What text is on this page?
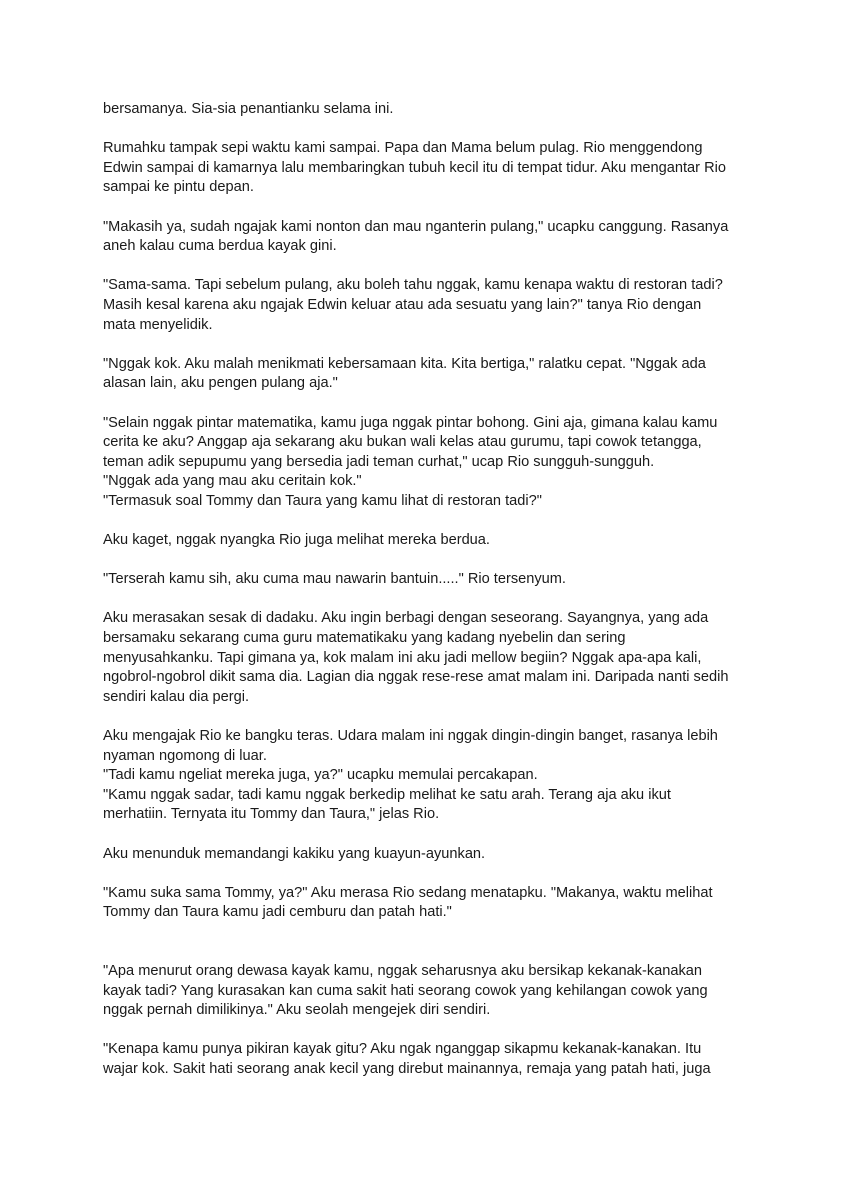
bersamanya. Sia-sia penantianku selama ini.

Rumahku tampak sepi waktu kami sampai. Papa dan Mama belum pulag. Rio menggendong
Edwin sampai di kamarnya lalu membaringkan tubuh kecil itu di tempat tidur. Aku mengantar Rio
sampai ke pintu depan.

"Makasih ya, sudah ngajak kami nonton dan mau nganterin pulang," ucapku canggung. Rasanya
aneh kalau cuma berdua kayak gini.

"Sama-sama. Tapi sebelum pulang, aku boleh tahu nggak, kamu kenapa waktu di restoran tadi?
Masih kesal karena aku ngajak Edwin keluar atau ada sesuatu yang lain?" tanya Rio dengan
mata menyelidik.

"Nggak kok. Aku malah menikmati kebersamaan kita. Kita bertiga," ralatku cepat. "Nggak ada
alasan lain, aku pengen pulang aja."

"Selain nggak pintar matematika, kamu juga nggak pintar bohong. Gini aja, gimana kalau kamu
cerita ke aku? Anggap aja sekarang aku bukan wali kelas atau gurumu, tapi cowok tetangga,
teman adik sepupumu yang bersedia jadi teman curhat," ucap Rio sungguh-sungguh.
"Nggak ada yang mau aku ceritain kok."
"Termasuk soal Tommy dan Taura yang kamu lihat di restoran tadi?"

Aku kaget, nggak nyangka Rio juga melihat mereka berdua.

"Terserah kamu sih, aku cuma mau nawarin bantuin....." Rio tersenyum.

Aku merasakan sesak di dadaku. Aku ingin berbagi dengan seseorang. Sayangnya, yang ada
bersamaku sekarang cuma guru matematikaku yang kadang nyebelin dan sering
menyusahkanku. Tapi gimana ya, kok malam ini aku jadi mellow begiin? Nggak apa-apa kali,
ngobrol-ngobrol dikit sama dia. Lagian dia nggak rese-rese amat malam ini. Daripada nanti sedih
sendiri kalau dia pergi.

Aku mengajak Rio ke bangku teras. Udara malam ini nggak dingin-dingin banget, rasanya lebih
nyaman ngomong di luar.
"Tadi kamu ngeliat mereka juga, ya?" ucapku memulai percakapan.
"Kamu nggak sadar, tadi kamu nggak berkedip melihat ke satu arah. Terang aja aku ikut
merhatiin. Ternyata itu Tommy dan Taura," jelas Rio.

Aku menunduk memandangi kakiku yang kuayun-ayunkan.

"Kamu suka sama Tommy, ya?" Aku merasa Rio sedang menatapku. "Makanya, waktu melihat
Tommy dan Taura kamu jadi cemburu dan patah hati."

"Apa menurut orang dewasa kayak kamu, nggak seharusnya aku bersikap kekanak-kanakan
kayak tadi? Yang kurasakan kan cuma sakit hati seorang cowok yang kehilangan cowok yang
nggak pernah dimilikinya." Aku seolah mengejek diri sendiri.

"Kenapa kamu punya pikiran kayak gitu? Aku ngak nganggap sikapmu kekanak-kanakan. Itu
wajar kok. Sakit hati seorang anak kecil yang direbut mainannya, remaja yang patah hati, juga
